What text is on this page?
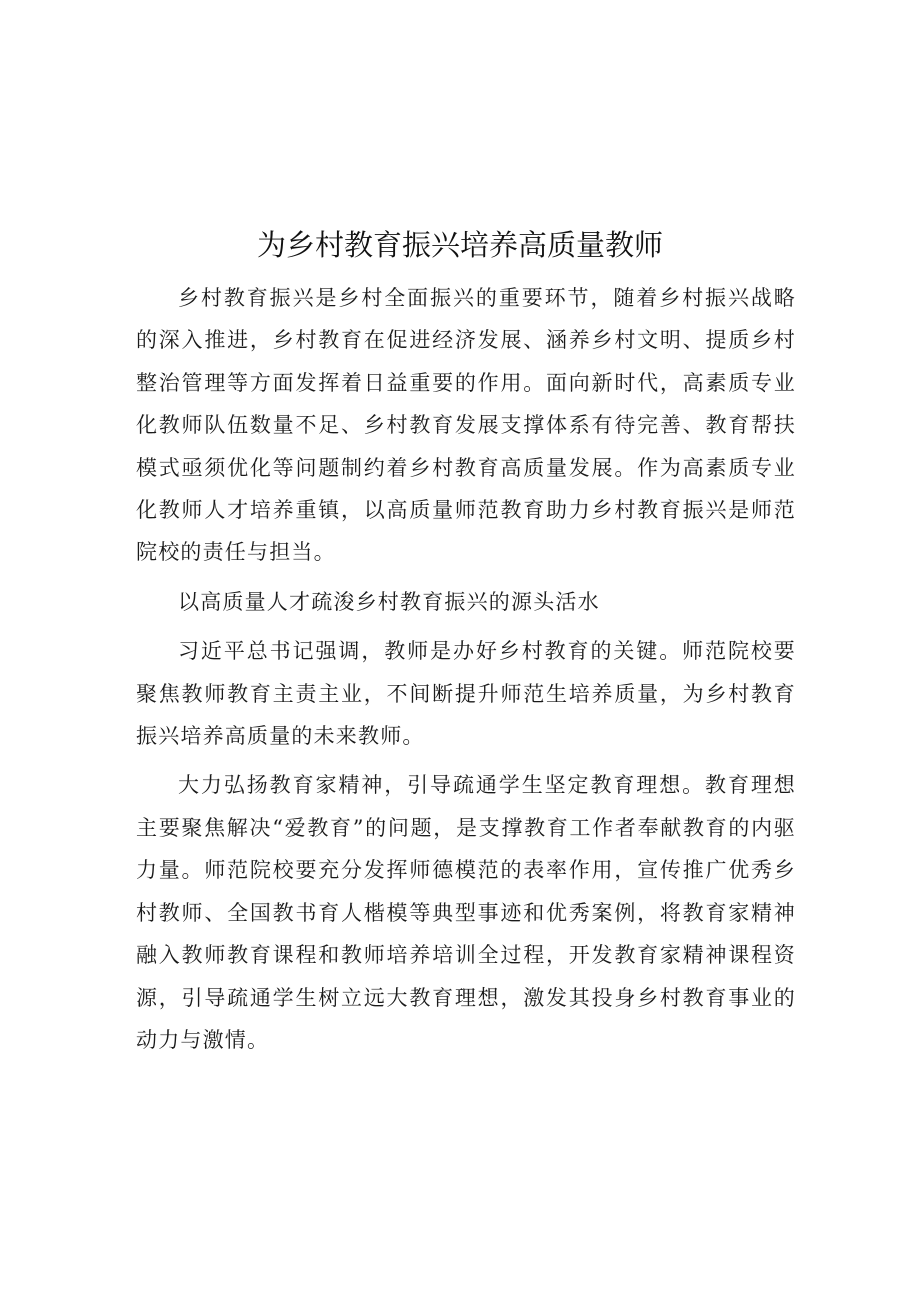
为乡村教育振兴培养高质量教师

乡村教育振兴是乡村全面振兴的重要环节，随着乡村振兴战略的深入推进，乡村教育在促进经济发展、涵养乡村文明、提质乡村整治管理等方面发挥着日益重要的作用。面向新时代，高素质专业化教师队伍数量不足、乡村教育发展支撑体系有待完善、教育帮扶模式亟须优化等问题制约着乡村教育高质量发展。作为高素质专业化教师人才培养重镇，以高质量师范教育助力乡村教育振兴是师范院校的责任与担当。

以高质量人才疏浚乡村教育振兴的源头活水

习近平总书记强调，教师是办好乡村教育的关键。师范院校要聚焦教师教育主责主业，不间断提升师范生培养质量，为乡村教育振兴培养高质量的未来教师。

大力弘扬教育家精神，引导疏通学生坚定教育理想。教育理想主要聚焦解决“爱教育”的问题，是支撑教育工作者奉献教育的内驱力量。师范院校要充分发挥师德模范的表率作用，宣传推广优秀乡村教师、全国教书育人楷模等典型事迹和优秀案例，将教育家精神融入教师教育课程和教师培养培训全过程，开发教育家精神课程资源，引导疏通学生树立远大教育理想，激发其投身乡村教育事业的动力与激情。
